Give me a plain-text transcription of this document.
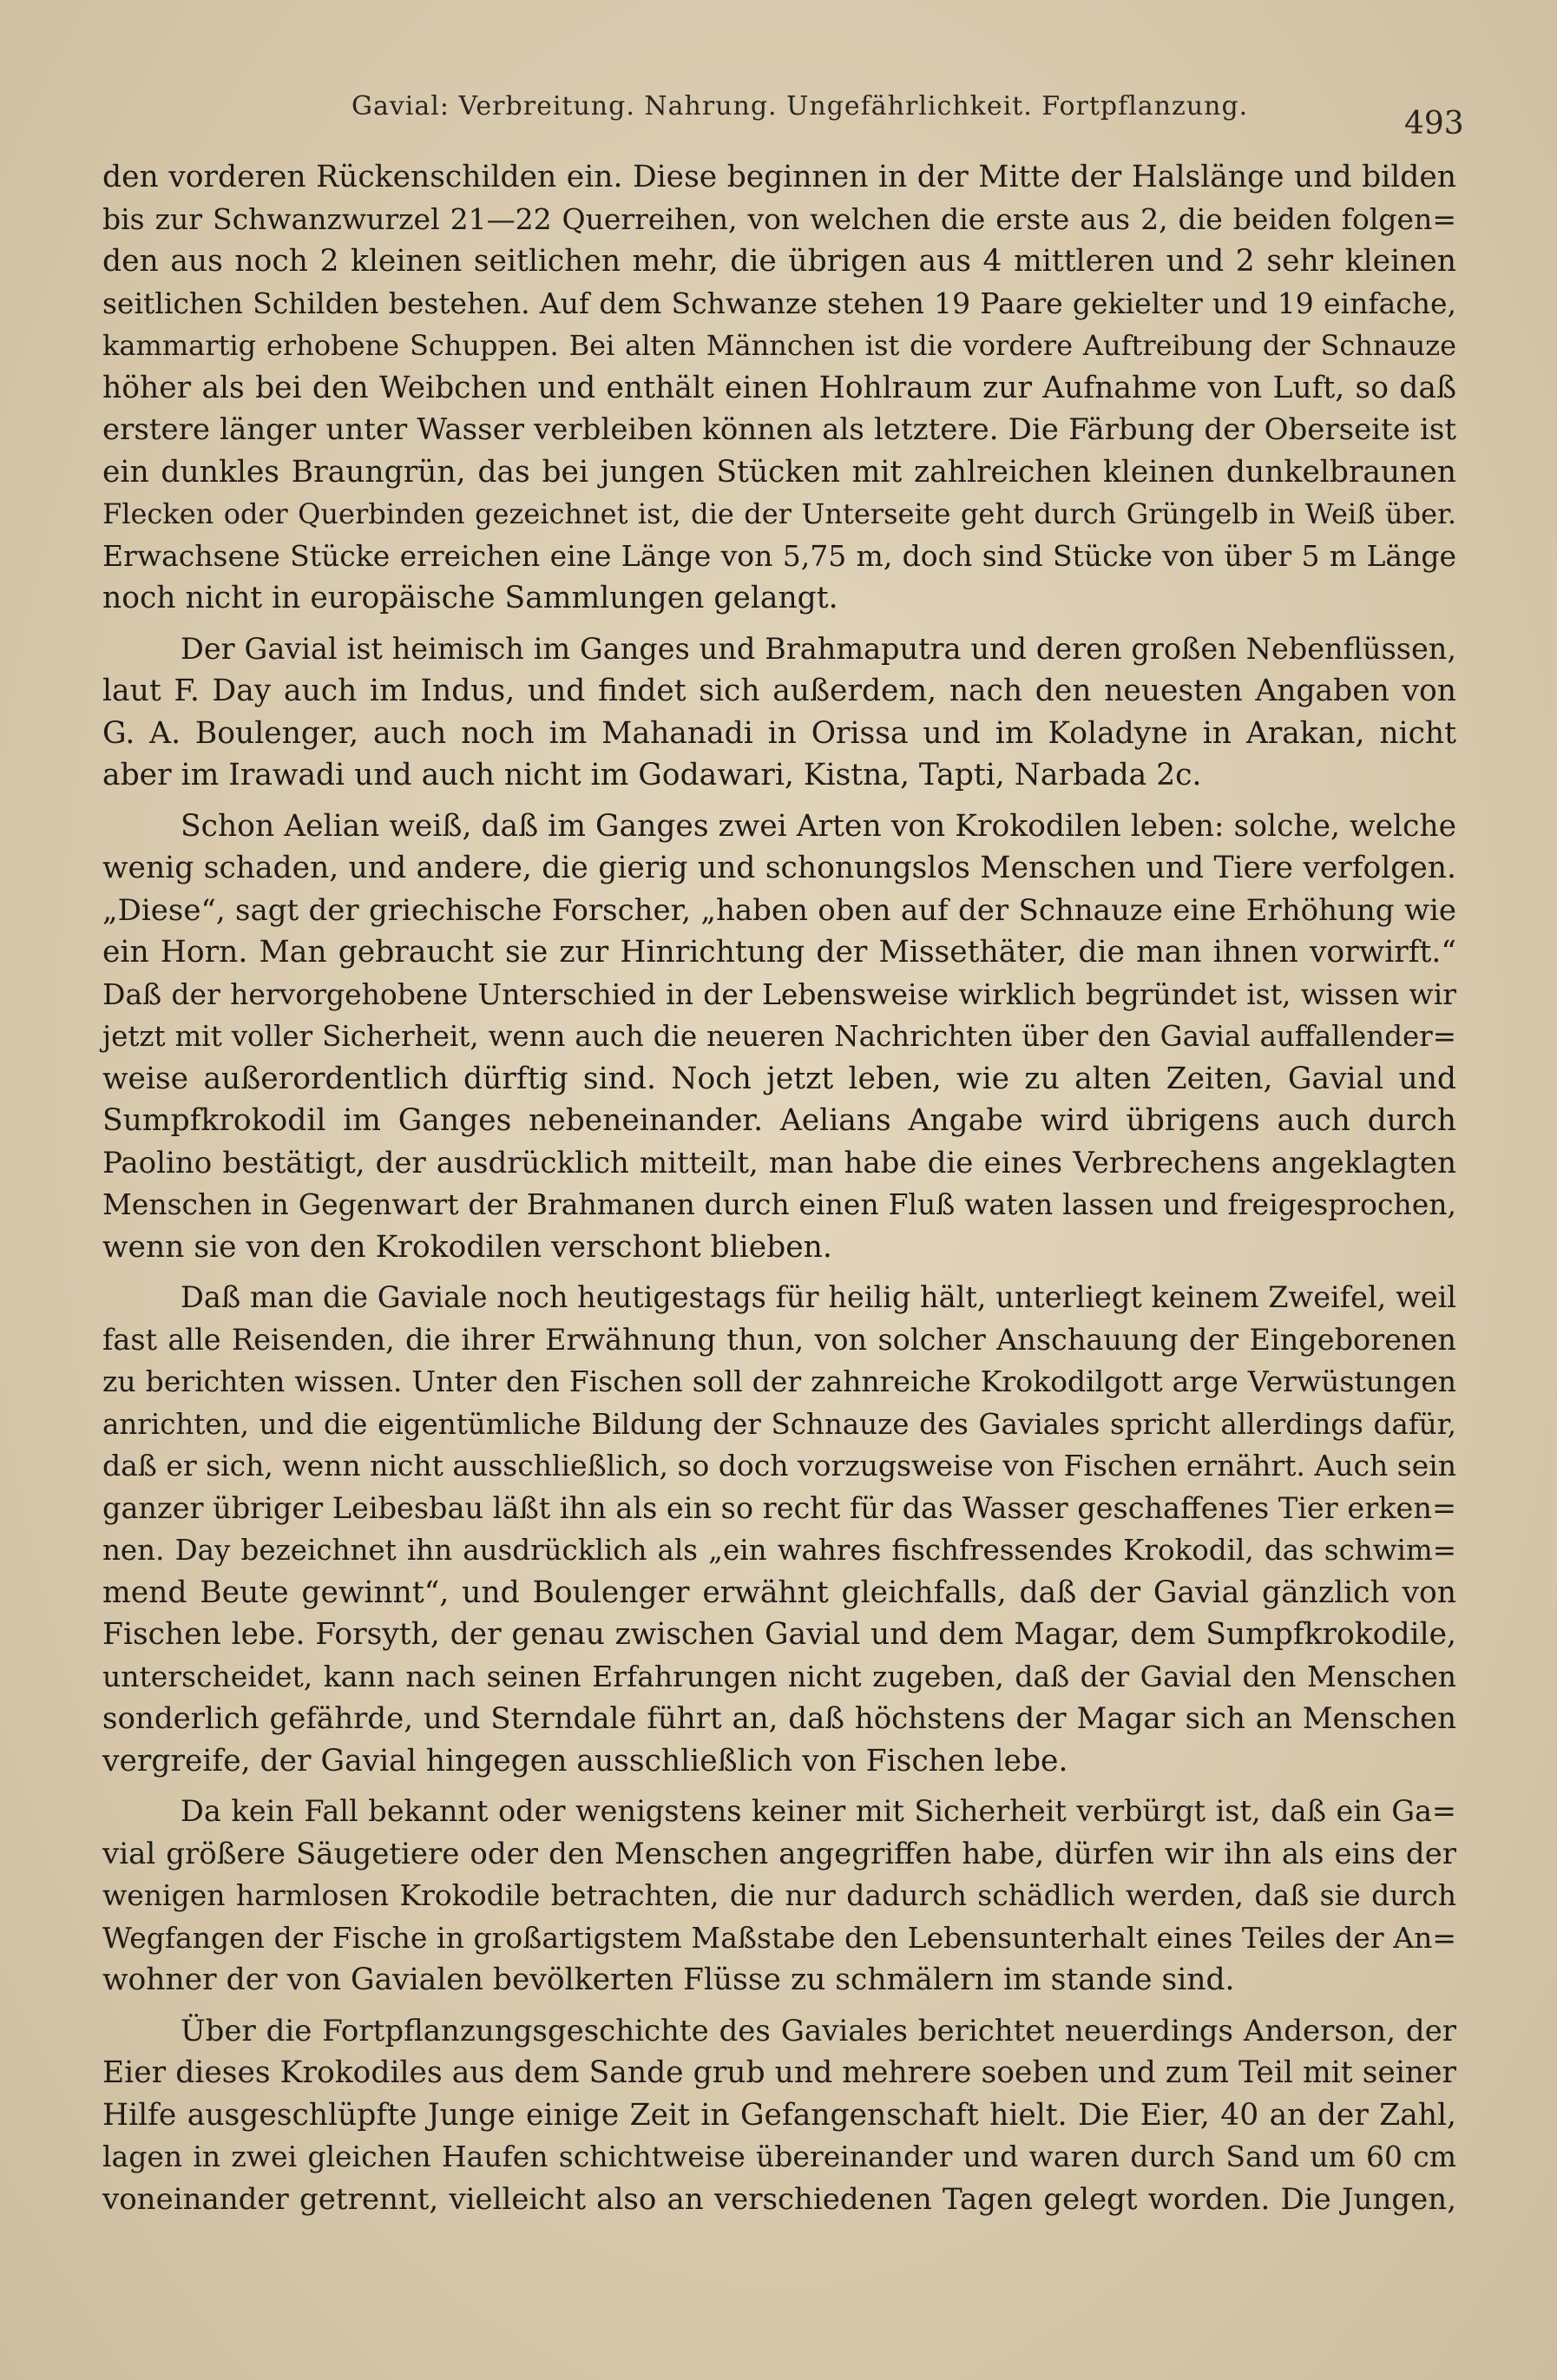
Gavial: Verbreitung. Nahrung. Ungefährlichkeit. Fortpflanzung.	493
den vorderen Rückenschilden ein. Diese beginnen in der Mitte der Halslänge und bilden
bis zur Schwanzwurzel 21—22 Querreihen, von welchen die erste aus 2, die beiden folgen=
den aus noch 2 kleinen seitlichen mehr, die übrigen aus 4 mittleren und 2 sehr kleinen
seitlichen Schilden bestehen. Auf dem Schwanze stehen 19 Paare gekielter und 19 einfache,
kammartig erhobene Schuppen. Bei alten Männchen ist die vordere Auftreibung der Schnauze
höher als bei den Weibchen und enthält einen Hohlraum zur Aufnahme von Luft, so daß
erstere länger unter Wasser verbleiben können als letztere. Die Färbung der Oberseite ist
ein dunkles Braungrün, das bei jungen Stücken mit zahlreichen kleinen dunkelbraunen
Flecken oder Querbinden gezeichnet ist, die der Unterseite geht durch Grüngelb in Weiß über.
Erwachsene Stücke erreichen eine Länge von 5,75 m, doch sind Stücke von über 5 m Länge
noch nicht in europäische Sammlungen gelangt.
Der Gavial ist heimisch im Ganges und Brahmaputra und deren großen Nebenflüssen,
laut F. Day auch im Indus, und findet sich außerdem, nach den neuesten Angaben von
G. A. Boulenger, auch noch im Mahanadi in Orissa und im Koladyne in Arakan, nicht
aber im Irawadi und auch nicht im Godawari, Kistna, Tapti, Narbada 2c.
Schon Aelian weiß, daß im Ganges zwei Arten von Krokodilen leben: solche, welche
wenig schaden, und andere, die gierig und schonungslos Menschen und Tiere verfolgen.
„Diese“, sagt der griechische Forscher, „haben oben auf der Schnauze eine Erhöhung wie
ein Horn. Man gebraucht sie zur Hinrichtung der Missethäter, die man ihnen vorwirft.“
Daß der hervorgehobene Unterschied in der Lebensweise wirklich begründet ist, wissen wir
jetzt mit voller Sicherheit, wenn auch die neueren Nachrichten über den Gavial auffallender=
weise außerordentlich dürftig sind. Noch jetzt leben, wie zu alten Zeiten, Gavial und
Sumpfkrokodil im Ganges nebeneinander. Aelians Angabe wird übrigens auch durch
Paolino bestätigt, der ausdrücklich mitteilt, man habe die eines Verbrechens angeklagten
Menschen in Gegenwart der Brahmanen durch einen Fluß waten lassen und freigesprochen,
wenn sie von den Krokodilen verschont blieben.
Daß man die Gaviale noch heutigestags für heilig hält, unterliegt keinem Zweifel, weil
fast alle Reisenden, die ihrer Erwähnung thun, von solcher Anschauung der Eingeborenen
zu berichten wissen. Unter den Fischen soll der zahnreiche Krokodilgott arge Verwüstungen
anrichten, und die eigentümliche Bildung der Schnauze des Gaviales spricht allerdings dafür,
daß er sich, wenn nicht ausschließlich, so doch vorzugsweise von Fischen ernährt. Auch sein
ganzer übriger Leibesbau läßt ihn als ein so recht für das Wasser geschaffenes Tier erken=
nen. Day bezeichnet ihn ausdrücklich als „ein wahres fischfressendes Krokodil, das schwim=
mend Beute gewinnt“, und Boulenger erwähnt gleichfalls, daß der Gavial gänzlich von
Fischen lebe. Forsyth, der genau zwischen Gavial und dem Magar, dem Sumpfkrokodile,
unterscheidet, kann nach seinen Erfahrungen nicht zugeben, daß der Gavial den Menschen
sonderlich gefährde, und Sterndale führt an, daß höchstens der Magar sich an Menschen
vergreife, der Gavial hingegen ausschließlich von Fischen lebe.
Da kein Fall bekannt oder wenigstens keiner mit Sicherheit verbürgt ist, daß ein Ga=
vial größere Säugetiere oder den Menschen angegriffen habe, dürfen wir ihn als eins der
wenigen harmlosen Krokodile betrachten, die nur dadurch schädlich werden, daß sie durch
Wegfangen der Fische in großartigstem Maßstabe den Lebensunterhalt eines Teiles der An=
wohner der von Gavialen bevölkerten Flüsse zu schmälern im stande sind.
Über die Fortpflanzungsgeschichte des Gaviales berichtet neuerdings Anderson, der
Eier dieses Krokodiles aus dem Sande grub und mehrere soeben und zum Teil mit seiner
Hilfe ausgeschlüpfte Junge einige Zeit in Gefangenschaft hielt. Die Eier, 40 an der Zahl,
lagen in zwei gleichen Haufen schichtweise übereinander und waren durch Sand um 60 cm
voneinander getrennt, vielleicht also an verschiedenen Tagen gelegt worden. Die Jungen,
